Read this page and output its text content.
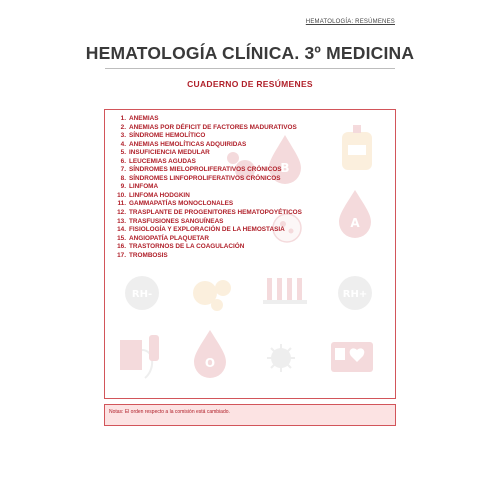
HEMATOLOGÍA: RESÚMENES
HEMATOLOGÍA CLÍNICA. 3º MEDICINA
CUADERNO DE RESÚMENES
B
A
RH-	RH+
O
1. ANEMIAS
2. ANEMIAS POR DÉFICIT DE FACTORES MADURATIVOS
3. SÍNDROME HEMOLÍTICO
4. ANEMIAS HEMOLÍTICAS ADQUIRIDAS
5. INSUFICIENCIA MEDULAR
6. LEUCEMIAS AGUDAS
7. SÍNDROMES MIELOPROLIFERATIVOS CRÓNICOS
8. SÍNDROMES LINFOPROLIFERATIVOS CRÓNICOS
9. LINFOMA
10. LINFOMA HODGKIN
11. GAMMAPATÍAS MONOCLONALES
12. TRASPLANTE DE PROGENITORES HEMATOPOYÉTICOS
13. TRASFUSIONES SANGUÍNEAS
14. FISIOLOGÍA Y EXPLORACIÓN DE LA HEMOSTASIA
15. ANGIOPATÍA PLAQUETAR
16. TRASTORNOS DE LA COAGULACIÓN
17. TROMBOSIS
Notas: El orden respecto a la comisión está cambiado.
